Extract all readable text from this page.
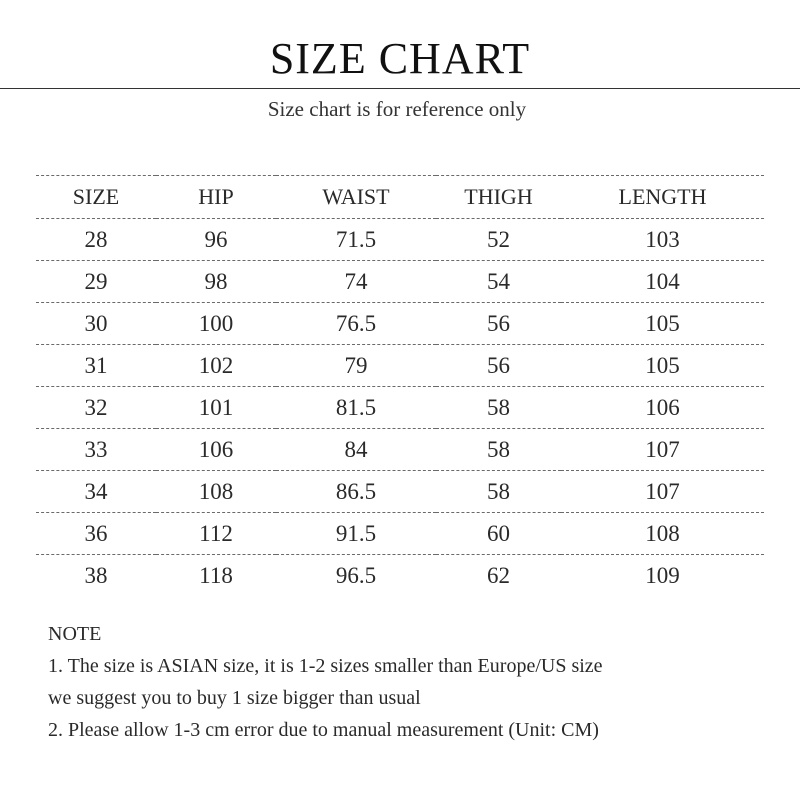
SIZE CHART
Size chart is for reference only
SIZE	HIP	WAIST	THIGH	LENGTH
28	96	71.5	52	103
29	98	74	54	104
30	100	76.5	56	105
31	102	79	56	105
32	101	81.5	58	106
33	106	84	58	107
34	108	86.5	58	107
36	112	91.5	60	108
38	118	96.5	62	109
NOTE
1. The size is ASIAN size, it is 1-2 sizes smaller than Europe/US size
we suggest you to buy 1 size bigger than usual
2. Please allow 1-3 cm error due to manual measurement (Unit: CM)
